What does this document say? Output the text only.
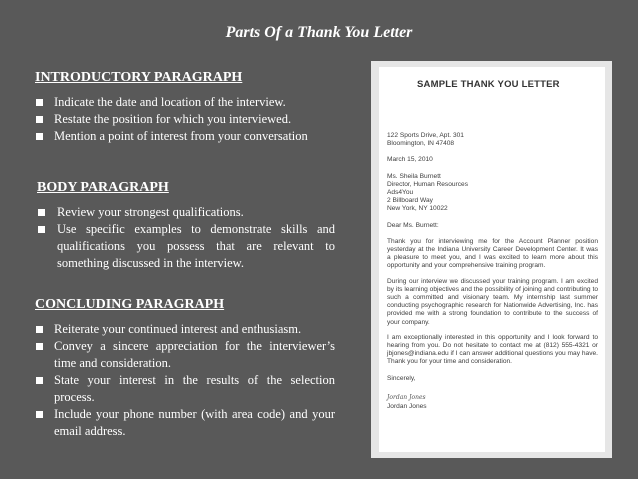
Parts Of a Thank You Letter
INTRODUCTORY PARAGRAPH
Indicate the date and location of the interview.
Restate the position for which you interviewed.
Mention a point of interest from your conversation
BODY PARAGRAPH
Review your strongest qualifications.
Use specific examples to demonstrate skills and qualifications you possess that are relevant to something discussed in the interview.
CONCLUDING PARAGRAPH
Reiterate your continued interest and enthusiasm.
Convey a sincere appreciation for the interviewer’s time and consideration.
State your interest in the results of the selection process.
Include your phone number (with area code) and your email address.
SAMPLE THANK YOU LETTER
122 Sports Drive, Apt. 301
Bloomington, IN 47408
March 15, 2010
Ms. Sheila Burnett
Director, Human Resources
Ads4You
2 Billboard Way
New York, NY 10022
Dear Ms. Burnett:
Thank you for interviewing me for the Account Planner position yesterday at the Indiana University Career Development Center. It was a pleasure to meet you, and I was excited to learn more about this opportunity and your comprehensive training program.
During our interview we discussed your training program. I am excited by its learning objectives and the possibility of joining and contributing to such a committed and visionary team. My internship last summer conducting psychographic research for Nationwide Advertising, Inc. has provided me with a strong foundation to contribute to the success of your company.
I am exceptionally interested in this opportunity and I look forward to hearing from you. Do not hesitate to contact me at (812) 555-4321 or jbjones@indiana.edu if I can answer additional questions you may have. Thank you for your time and consideration.
Sincerely,
Jordan Jones
Jordan Jones
